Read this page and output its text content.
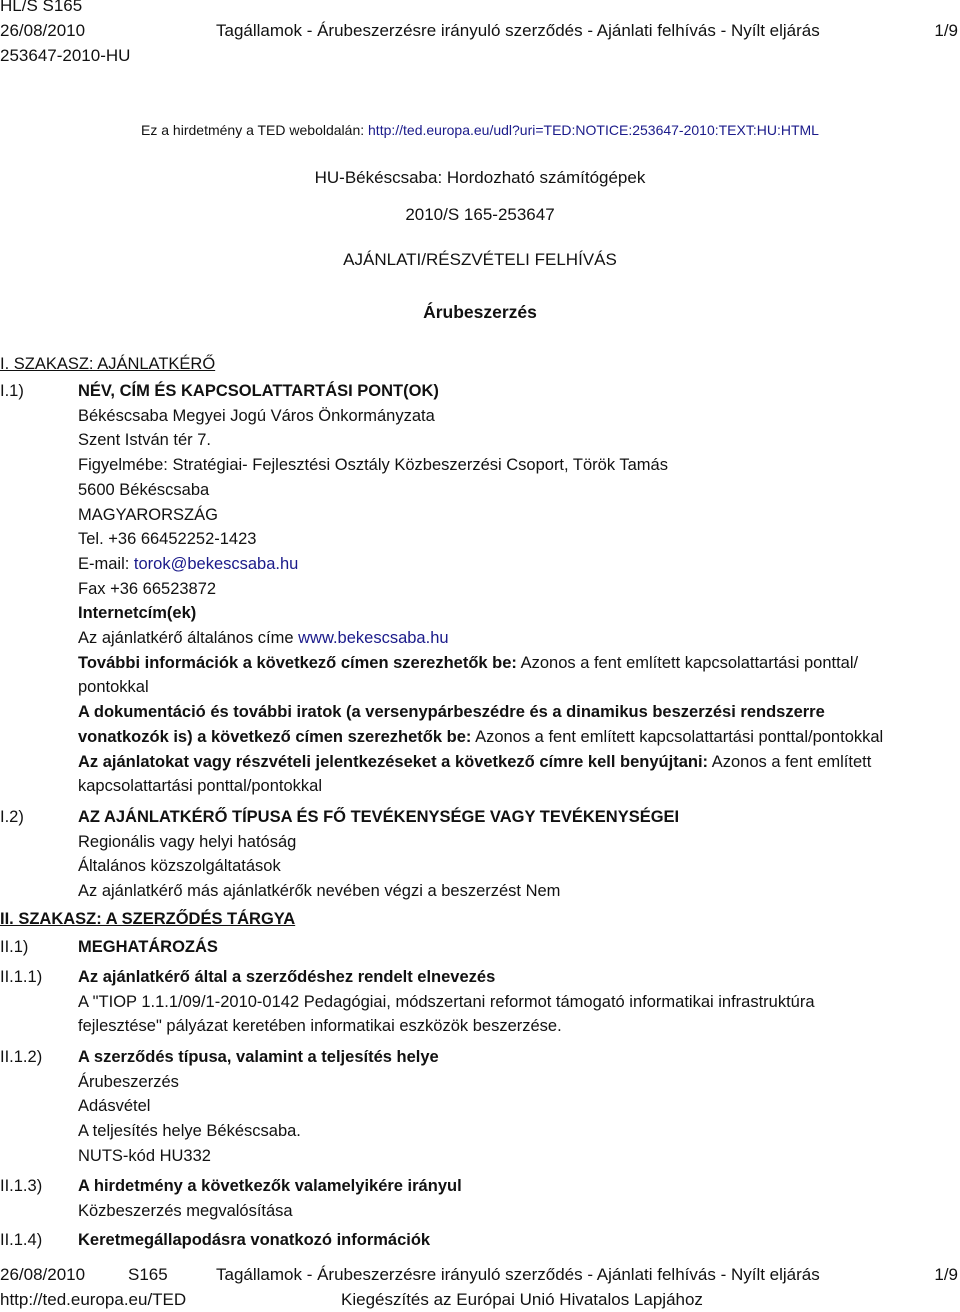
HL/S S165
26/08/2010
253647-2010-HU
Tagállamok - Árubeszerzésre irányuló szerződés - Ajánlati felhívás - Nyílt eljárás	1/9
Ez a hirdetmény a TED weboldalán: http://ted.europa.eu/udl?uri=TED:NOTICE:253647-2010:TEXT:HU:HTML
HU-Békéscsaba: Hordozható számítógépek
2010/S 165-253647
AJÁNLATI/RÉSZVÉTELI FELHÍVÁS
Árubeszerzés
I. SZAKASZ: AJÁNLATKÉRŐ
I.1)	NÉV, CÍM ÉS KAPCSOLATTARTÁSI PONT(OK)
Békéscsaba Megyei Jogú Város Önkormányzata
Szent István tér 7.
Figyelmébe: Stratégiai- Fejlesztési Osztály Közbeszerzési Csoport, Török Tamás
5600 Békéscsaba
MAGYARORSZÁG
Tel. +36 66452252-1423
E-mail: torok@bekescsaba.hu
Fax +36 66523872
Internetcím(ek)
Az ajánlatkérő általános címe www.bekescsaba.hu
További információk a következő címen szerezhetők be: Azonos a fent említett kapcsolattartási ponttal/
pontokkal
A dokumentáció és további iratok (a versenypárbeszédre és a dinamikus beszerzési rendszerre
vonatkozók is) a következő címen szerezhetők be: Azonos a fent említett kapcsolattartási ponttal/pontokkal
Az ajánlatokat vagy részvételi jelentkezéseket a következő címre kell benyújtani: Azonos a fent említett
kapcsolattartási ponttal/pontokkal
I.2)	AZ AJÁNLATKÉRŐ TÍPUSA ÉS FŐ TEVÉKENYSÉGE VAGY TEVÉKENYSÉGEI
Regionális vagy helyi hatóság
Általános közszolgáltatások
Az ajánlatkérő más ajánlatkérők nevében végzi a beszerzést Nem
II. SZAKASZ: A SZERZŐDÉS TÁRGYA
II.1)	MEGHATÁROZÁS
II.1.1) Az ajánlatkérő által a szerződéshez rendelt elnevezés
A "TIOP 1.1.1/09/1-2010-0142 Pedagógiai, módszertani reformot támogató informatikai infrastruktúra
fejlesztése" pályázat keretében informatikai eszközök beszerzése.
II.1.2) A szerződés típusa, valamint a teljesítés helye
Árubeszerzés
Adásvétel
A teljesítés helye Békéscsaba.
NUTS-kód HU332
II.1.3) A hirdetmény a következők valamelyikére irányul
Közbeszerzés megvalósítása
II.1.4) Keretmegállapodásra vonatkozó információk
26/08/2010	S165	Tagállamok - Árubeszerzésre irányuló szerződés - Ajánlati felhívás - Nyílt eljárás	1/9
http://ted.europa.eu/TED	Kiegészítés az Európai Unió Hivatalos Lapjához
